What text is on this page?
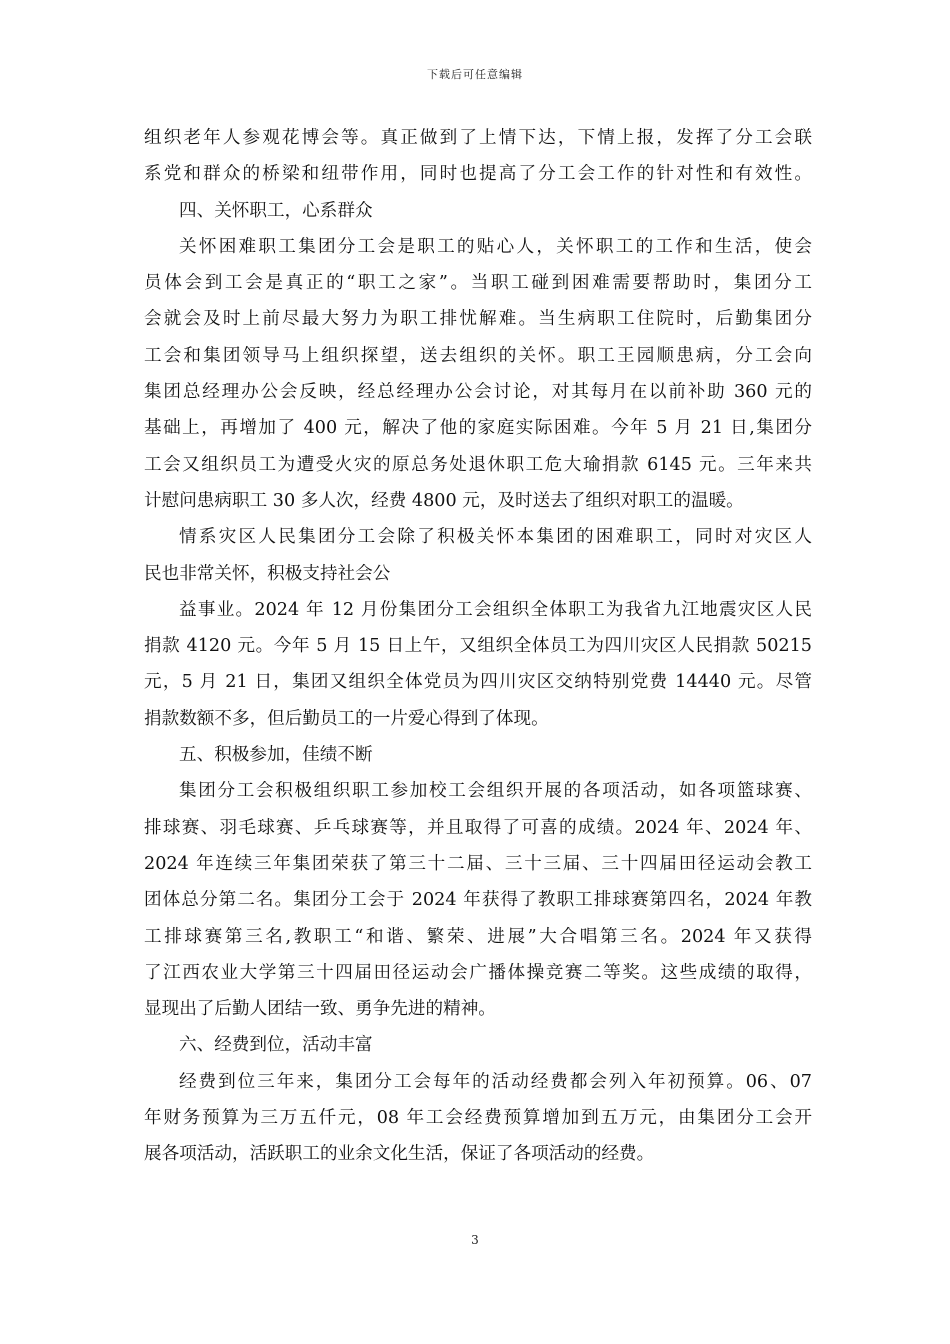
下载后可任意编辑
组织老年人参观花博会等。真正做到了上情下达，下情上报，发挥了分工会联
系党和群众的桥梁和纽带作用，同时也提高了分工会工作的针对性和有效性。
四、关怀职工，心系群众
关怀困难职工集团分工会是职工的贴心人，关怀职工的工作和生活，使会
员体会到工会是真正的“职工之家”。当职工碰到困难需要帮助时，集团分工
会就会及时上前尽最大努力为职工排忧解难。当生病职工住院时，后勤集团分
工会和集团领导马上组织探望，送去组织的关怀。职工王园顺患病，分工会向
集团总经理办公会反映，经总经理办公会讨论，对其每月在以前补助 360 元的
基础上，再增加了 400 元，解决了他的家庭实际困难。今年 5 月 21 日,集团分
工会又组织员工为遭受火灾的原总务处退休职工危大瑜捐款 6145 元。三年来共
计慰问患病职工 30 多人次，经费 4800 元，及时送去了组织对职工的温暖。
情系灾区人民集团分工会除了积极关怀本集团的困难职工，同时对灾区人
民也非常关怀，积极支持社会公
益事业。2024 年 12 月份集团分工会组织全体职工为我省九江地震灾区人民
捐款 4120 元。今年 5 月 15 日上午，又组织全体员工为四川灾区人民捐款 50215
元，5 月 21 日，集团又组织全体党员为四川灾区交纳特别党费 14440 元。尽管
捐款数额不多，但后勤员工的一片爱心得到了体现。
五、积极参加，佳绩不断
集团分工会积极组织职工参加校工会组织开展的各项活动，如各项篮球赛、
排球赛、羽毛球赛、乒乓球赛等，并且取得了可喜的成绩。2024 年、2024 年、
2024 年连续三年集团荣获了第三十二届、三十三届、三十四届田径运动会教工
团体总分第二名。集团分工会于 2024 年获得了教职工排球赛第四名，2024 年教
工排球赛第三名,教职工“和谐、繁荣、进展”大合唱第三名。2024 年又获得
了江西农业大学第三十四届田径运动会广播体操竞赛二等奖。这些成绩的取得，
显现出了后勤人团结一致、勇争先进的精神。
六、经费到位，活动丰富
经费到位三年来，集团分工会每年的活动经费都会列入年初预算。06、07
年财务预算为三万五仟元，08 年工会经费预算增加到五万元，由集团分工会开
展各项活动，活跃职工的业余文化生活，保证了各项活动的经费。
3
